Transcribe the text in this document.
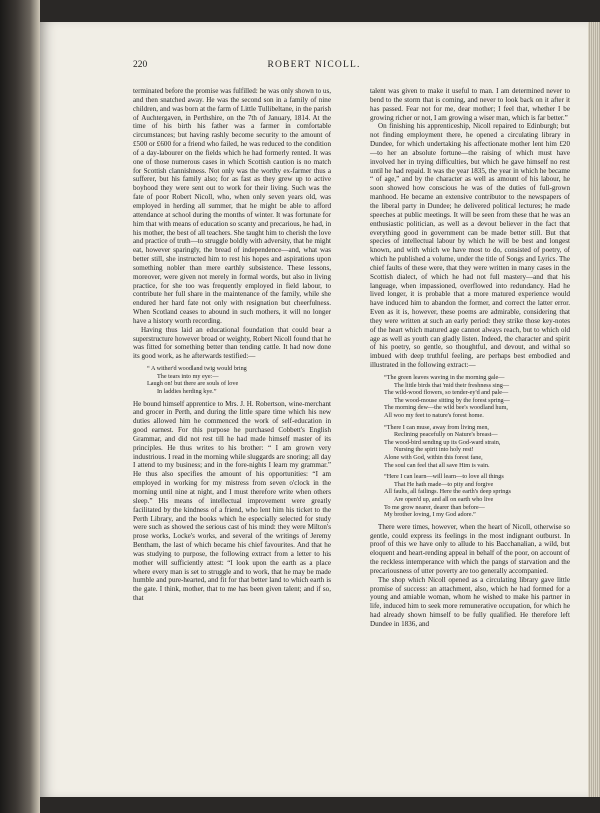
220	ROBERT NICOLL.

terminated before the promise was fulfilled: he was only shown to us, and then snatched away. He was the second son in a family of nine children, and was born at the farm of Little Tullibeltane, in the parish of Auchtergaven, in Perthshire, on the 7th of January, 1814. At the time of his birth his father was a farmer in comfortable circumstances; but having rashly become security to the amount of £500 or £600 for a friend who failed, he was reduced to the condition of a day-labourer on the fields which he had formerly rented. It was one of those numerous cases in which Scottish caution is no match for Scottish clannishness. Not only was the worthy ex-farmer thus a sufferer, but his family also; for as fast as they grew up to active boyhood they were sent out to work for their living. Such was the fate of poor Robert Nicoll, who, when only seven years old, was employed in herding all summer, that he might be able to afford attendance at school during the months of winter. It was fortunate for him that with means of education so scanty and precarious, he had, in his mother, the best of all teachers. She taught him to cherish the love and practice of truth—to struggle boldly with adversity, that he might eat, however sparingly, the bread of independence—and, what was better still, she instructed him to rest his hopes and aspirations upon something nobler than mere earthly subsistence. These lessons, moreover, were given not merely in formal words, but also in living practice, for she too was frequently employed in field labour, to contribute her full share in the maintenance of the family, while she endured her hard fate not only with resignation but cheerfulness. When Scotland ceases to abound in such mothers, it will no longer have a history worth recording.

Having thus laid an educational foundation that could bear a superstructure however broad or weighty, Robert Nicoll found that he was fitted for something better than tending cattle. It had now done its good work, as he afterwards testified:—

“ A wither'd woodland twig would bring
The tears into my eye:—
Laugh on! but there are souls of love
In laddies herding kye.”

He bound himself apprentice to Mrs. J. H. Robertson, wine-merchant and grocer in Perth, and during the little spare time which his new duties allowed him he commenced the work of self-education in good earnest. For this purpose he purchased Cobbett's English Grammar, and did not rest till he had made himself master of its principles. He thus writes to his brother: “ I am grown very industrious. I read in the morning while sluggards are snoring; all day I attend to my business; and in the fore-nights I learn my grammar.” He thus also specifies the amount of his opportunities: “I am employed in working for my mistress from seven o'clock in the morning until nine at night, and I must therefore write when others sleep.” His means of intellectual improvement were greatly facilitated by the kindness of a friend, who lent him his ticket to the Perth Library, and the books which he especially selected for study were such as showed the serious cast of his mind: they were Milton's prose works, Locke's works, and several of the writings of Jeremy Bentham, the last of which became his chief favourites. And that he was studying to purpose, the following extract from a letter to his mother will sufficiently attest: “I look upon the earth as a place where every man is set to struggle and to work, that he may be made humble and pure-hearted, and fit for that better land to which earth is the gate. I think, mother, that to me has been given talent; and if so, that

talent was given to make it useful to man. I am determined never to bend to the storm that is coming, and never to look back on it after it has passed. Fear not for me, dear mother; I feel that, whether I be growing richer or not, I am growing a wiser man, which is far better.”

On finishing his apprenticeship, Nicoll repaired to Edinburgh; but not finding employment there, he opened a circulating library in Dundee, for which undertaking his affectionate mother lent him £20—to her an absolute fortune—the raising of which must have involved her in trying difficulties, but which he gave himself no rest until he had repaid. It was the year 1835, the year in which he became “ of age,” and by the character as well as amount of his labour, he soon showed how conscious he was of the duties of full-grown manhood. He became an extensive contributor to the newspapers of the liberal party in Dundee; he delivered political lectures; he made speeches at public meetings. It will be seen from these that he was an enthusiastic politician, as well as a devout believer in the fact that everything good in government can be made better still. But that species of intellectual labour by which he will be best and longest known, and with which we have most to do, consisted of poetry, of which he published a volume, under the title of Songs and Lyrics. The chief faults of these were, that they were written in many cases in the Scottish dialect, of which he had not full mastery—and that his language, when impassioned, overflowed into redundancy. Had he lived longer, it is probable that a more matured experience would have induced him to abandon the former, and correct the latter error. Even as it is, however, these poems are admirable, considering that they were written at such an early period: they strike those key-notes of the heart which matured age cannot always reach, but to which old age as well as youth can gladly listen. Indeed, the character and spirit of his poetry, so gentle, so thoughtful, and devout, and withal so imbued with deep truthful feeling, are perhaps best embodied and illustrated in the following extract:—

“The green leaves waving in the morning gale—
The little birds that 'mid their freshness sing—
The wild-wood flowers, so tender-ey'd and pale—
The wood-mouse sitting by the forest spring—
The morning dew—the wild bee's woodland hum,
All woo my feet to nature's forest home.
“There I can muse, away from living men,
Reclining peacefully on Nature's breast—
The wood-bird sending up its God-ward strain,
Nursing the spirit into holy rest!
Alone with God, within this forest fane,
The soul can feel that all save Him is vain.
“Here I can learn—will learn—to love all things
That He hath made—to pity and forgive
All faults, all failings. Here the earth's deep springs
Are open'd up, and all on earth who live
To me grow nearer, dearer than before—
My brother loving, I my God adore.”

There were times, however, when the heart of Nicoll, otherwise so gentle, could express its feelings in the most indignant outburst. In proof of this we have only to allude to his Bacchanalian, a wild, but eloquent and heart-rending appeal in behalf of the poor, on account of the reckless intemperance with which the pangs of starvation and the precariousness of utter poverty are too generally accompanied.

The shop which Nicoll opened as a circulating library gave little promise of success: an attachment, also, which he had formed for a young and amiable woman, whom he wished to make his partner in life, induced him to seek more remunerative occupation, for which he had already shown himself to be fully qualified. He therefore left Dundee in 1836, and
